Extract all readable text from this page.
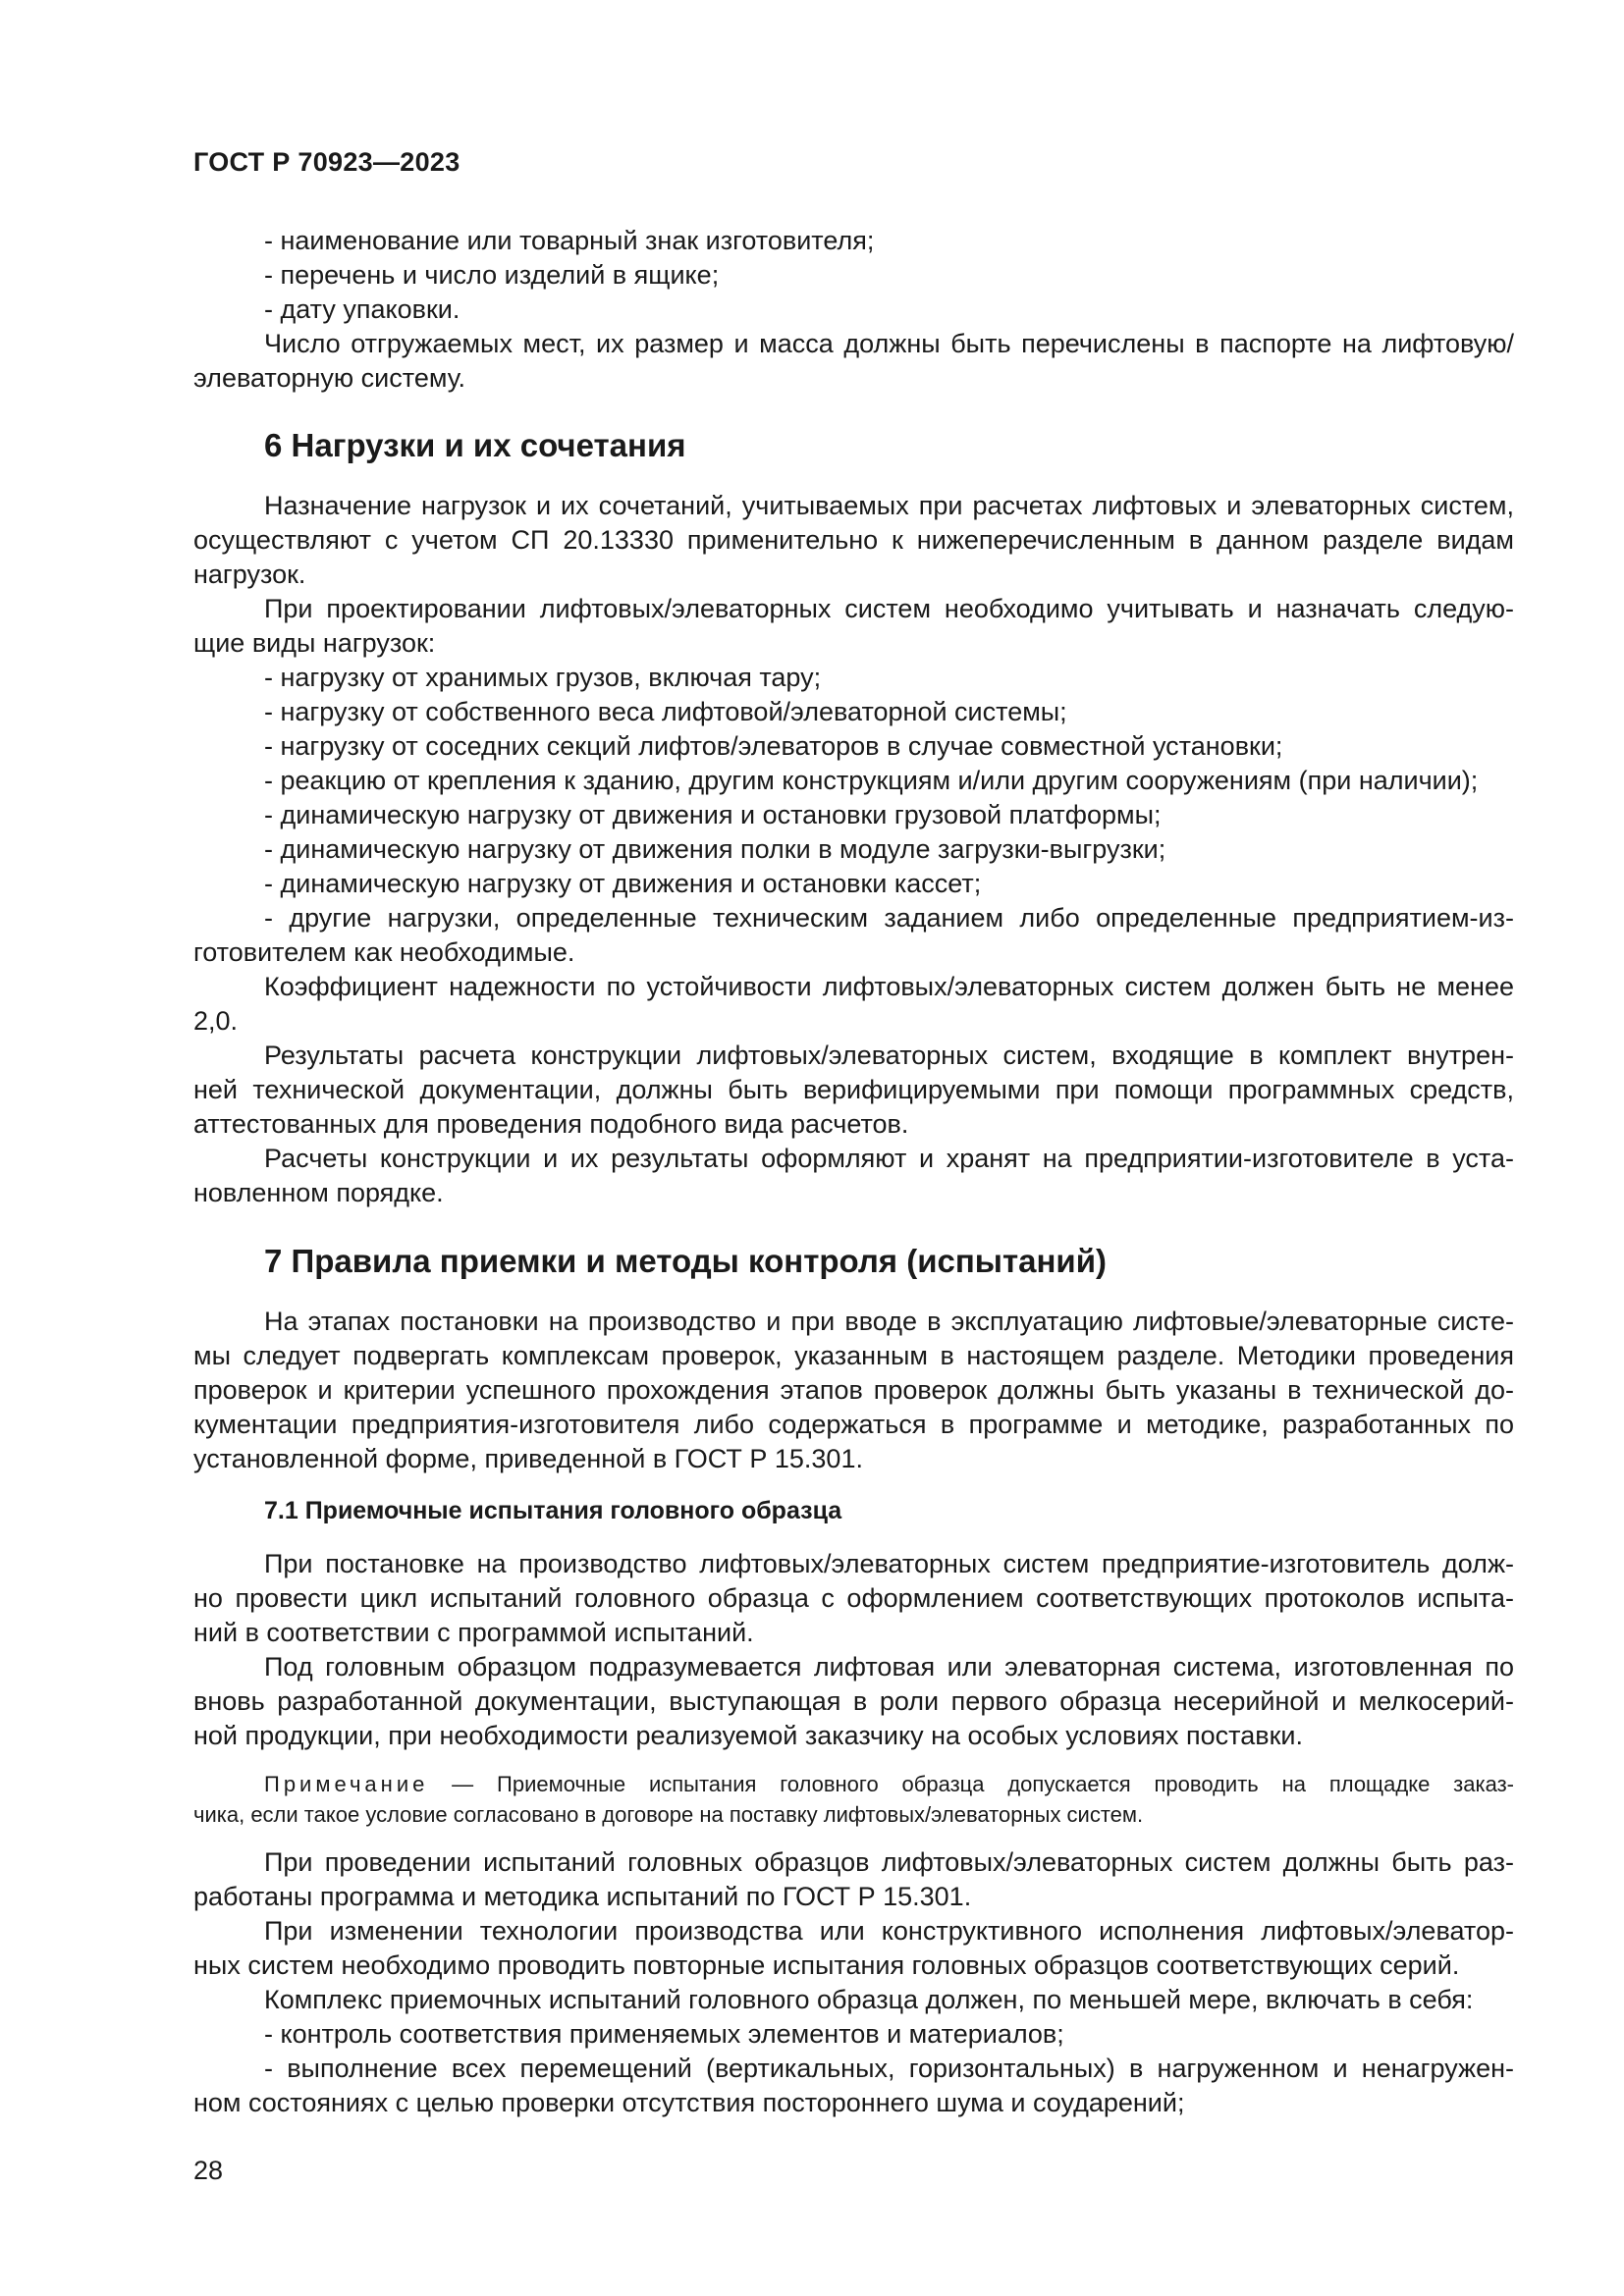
ГОСТ Р 70923—2023
- наименование или товарный знак изготовителя;
- перечень и число изделий в ящике;
- дату упаковки.
Число отгружаемых мест, их размер и масса должны быть перечислены в паспорте на лифтовую/
элеваторную систему.
6 Нагрузки и их сочетания
Назначение нагрузок и их сочетаний, учитываемых при расчетах лифтовых и элеваторных систем,
осуществляют с учетом СП 20.13330 применительно к нижеперечисленным в данном разделе видам
нагрузок.
При проектировании лифтовых/элеваторных систем необходимо учитывать и назначать следую-
щие виды нагрузок:
- нагрузку от хранимых грузов, включая тару;
- нагрузку от собственного веса лифтовой/элеваторной системы;
- нагрузку от соседних секций лифтов/элеваторов в случае совместной установки;
- реакцию от крепления к зданию, другим конструкциям и/или другим сооружениям (при наличии);
- динамическую нагрузку от движения и остановки грузовой платформы;
- динамическую нагрузку от движения полки в модуле загрузки-выгрузки;
- динамическую нагрузку от движения и остановки кассет;
- другие нагрузки, определенные техническим заданием либо определенные предприятием-из-
готовителем как необходимые.
Коэффициент надежности по устойчивости лифтовых/элеваторных систем должен быть не менее
2,0.
Результаты расчета конструкции лифтовых/элеваторных систем, входящие в комплект внутрен-
ней технической документации, должны быть верифицируемыми при помощи программных средств,
аттестованных для проведения подобного вида расчетов.
Расчеты конструкции и их результаты оформляют и хранят на предприятии-изготовителе в уста-
новленном порядке.
7 Правила приемки и методы контроля (испытаний)
На этапах постановки на производство и при вводе в эксплуатацию лифтовые/элеваторные систе-
мы следует подвергать комплексам проверок, указанным в настоящем разделе. Методики проведения
проверок и критерии успешного прохождения этапов проверок должны быть указаны в технической до-
кументации предприятия-изготовителя либо содержаться в программе и методике, разработанных по
установленной форме, приведенной в ГОСТ Р 15.301.
7.1 Приемочные испытания головного образца
При постановке на производство лифтовых/элеваторных систем предприятие-изготовитель долж-
но провести цикл испытаний головного образца с оформлением соответствующих протоколов испыта-
ний в соответствии с программой испытаний.
Под головным образцом подразумевается лифтовая или элеваторная система, изготовленная по
вновь разработанной документации, выступающая в роли первого образца несерийной и мелкосерий-
ной продукции, при необходимости реализуемой заказчику на особых условиях поставки.
Примечание — Приемочные испытания головного образца допускается проводить на площадке заказ-
чика, если такое условие согласовано в договоре на поставку лифтовых/элеваторных систем.
При проведении испытаний головных образцов лифтовых/элеваторных систем должны быть раз-
работаны программа и методика испытаний по ГОСТ Р 15.301.
При изменении технологии производства или конструктивного исполнения лифтовых/элеватор-
ных систем необходимо проводить повторные испытания головных образцов соответствующих серий.
Комплекс приемочных испытаний головного образца должен, по меньшей мере, включать в себя:
- контроль соответствия применяемых элементов и материалов;
- выполнение всех перемещений (вертикальных, горизонтальных) в нагруженном и ненагружен-
ном состояниях с целью проверки отсутствия постороннего шума и соударений;
28
